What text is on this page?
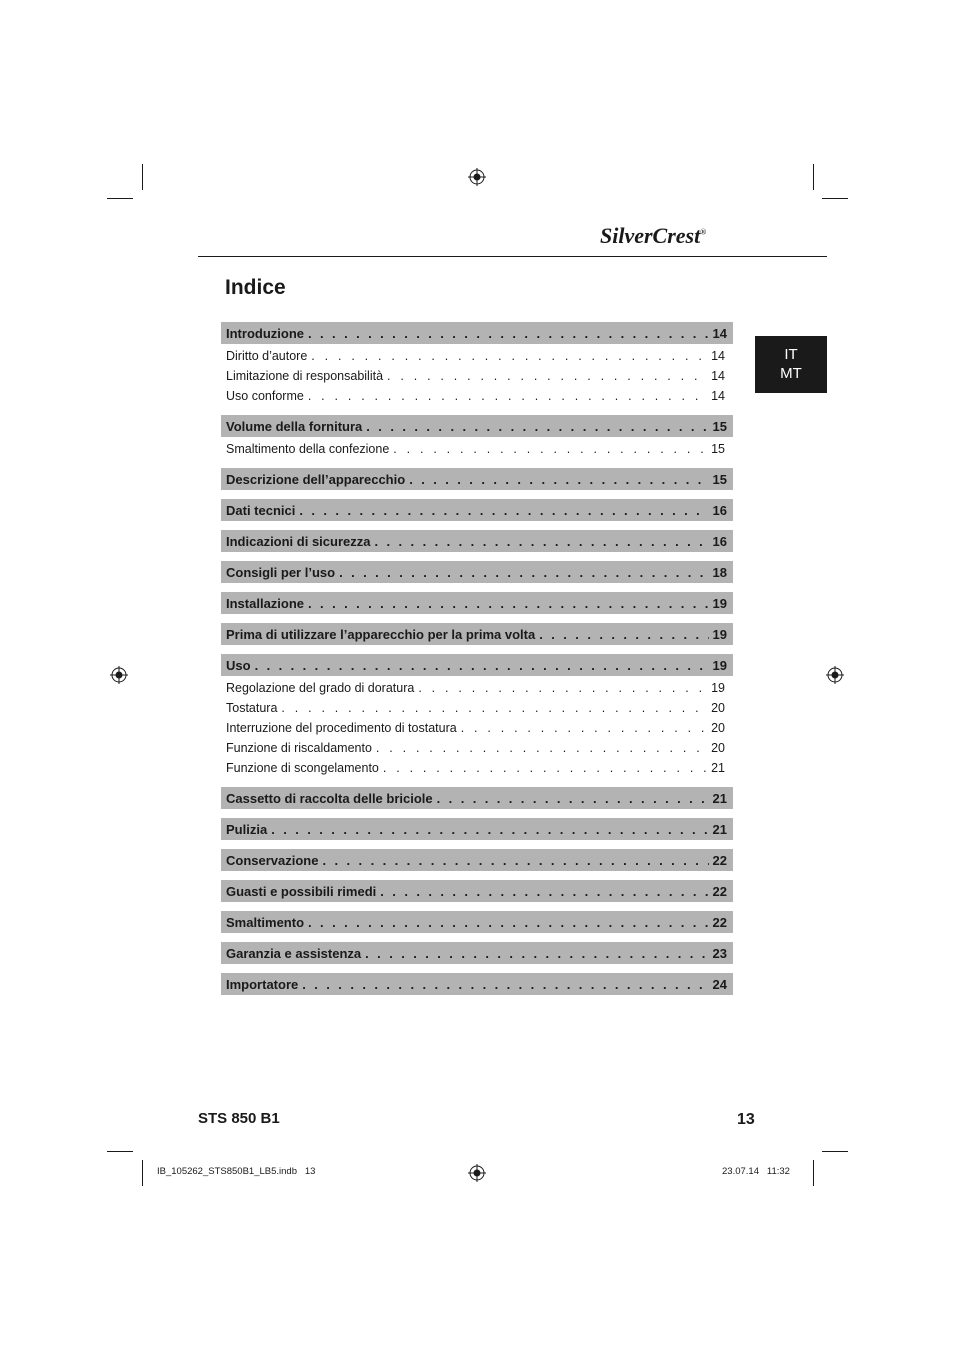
SilverCrest®
Indice
IT
MT
Introduzione . . .	14
Diritto d’autore . . .	14
Limitazione di responsabilità . . .	14
Uso conforme . . .	14
Volume della fornitura . . .	15
Smaltimento della confezione . . .	15
Descrizione dell’apparecchio . . .	15
Dati tecnici . . .	16
Indicazioni di sicurezza . . .	16
Consigli per l’uso . . .	18
Installazione . . .	19
Prima di utilizzare l’apparecchio per la prima volta . . .	19
Uso . . .	19
Regolazione del grado di doratura . . .	19
Tostatura . . .	20
Interruzione del procedimento di tostatura . . .	20
Funzione di riscaldamento . . .	20
Funzione di scongelamento . . .	21
Cassetto di raccolta delle briciole . . .	21
Pulizia . . .	21
Conservazione . . .	22
Guasti e possibili rimedi . . .	22
Smaltimento . . .	22
Garanzia e assistenza . . .	23
Importatore . . .	24
STS 850 B1	13
IB_105262_STS850B1_LB5.indb   13	23.07.14   11:32
